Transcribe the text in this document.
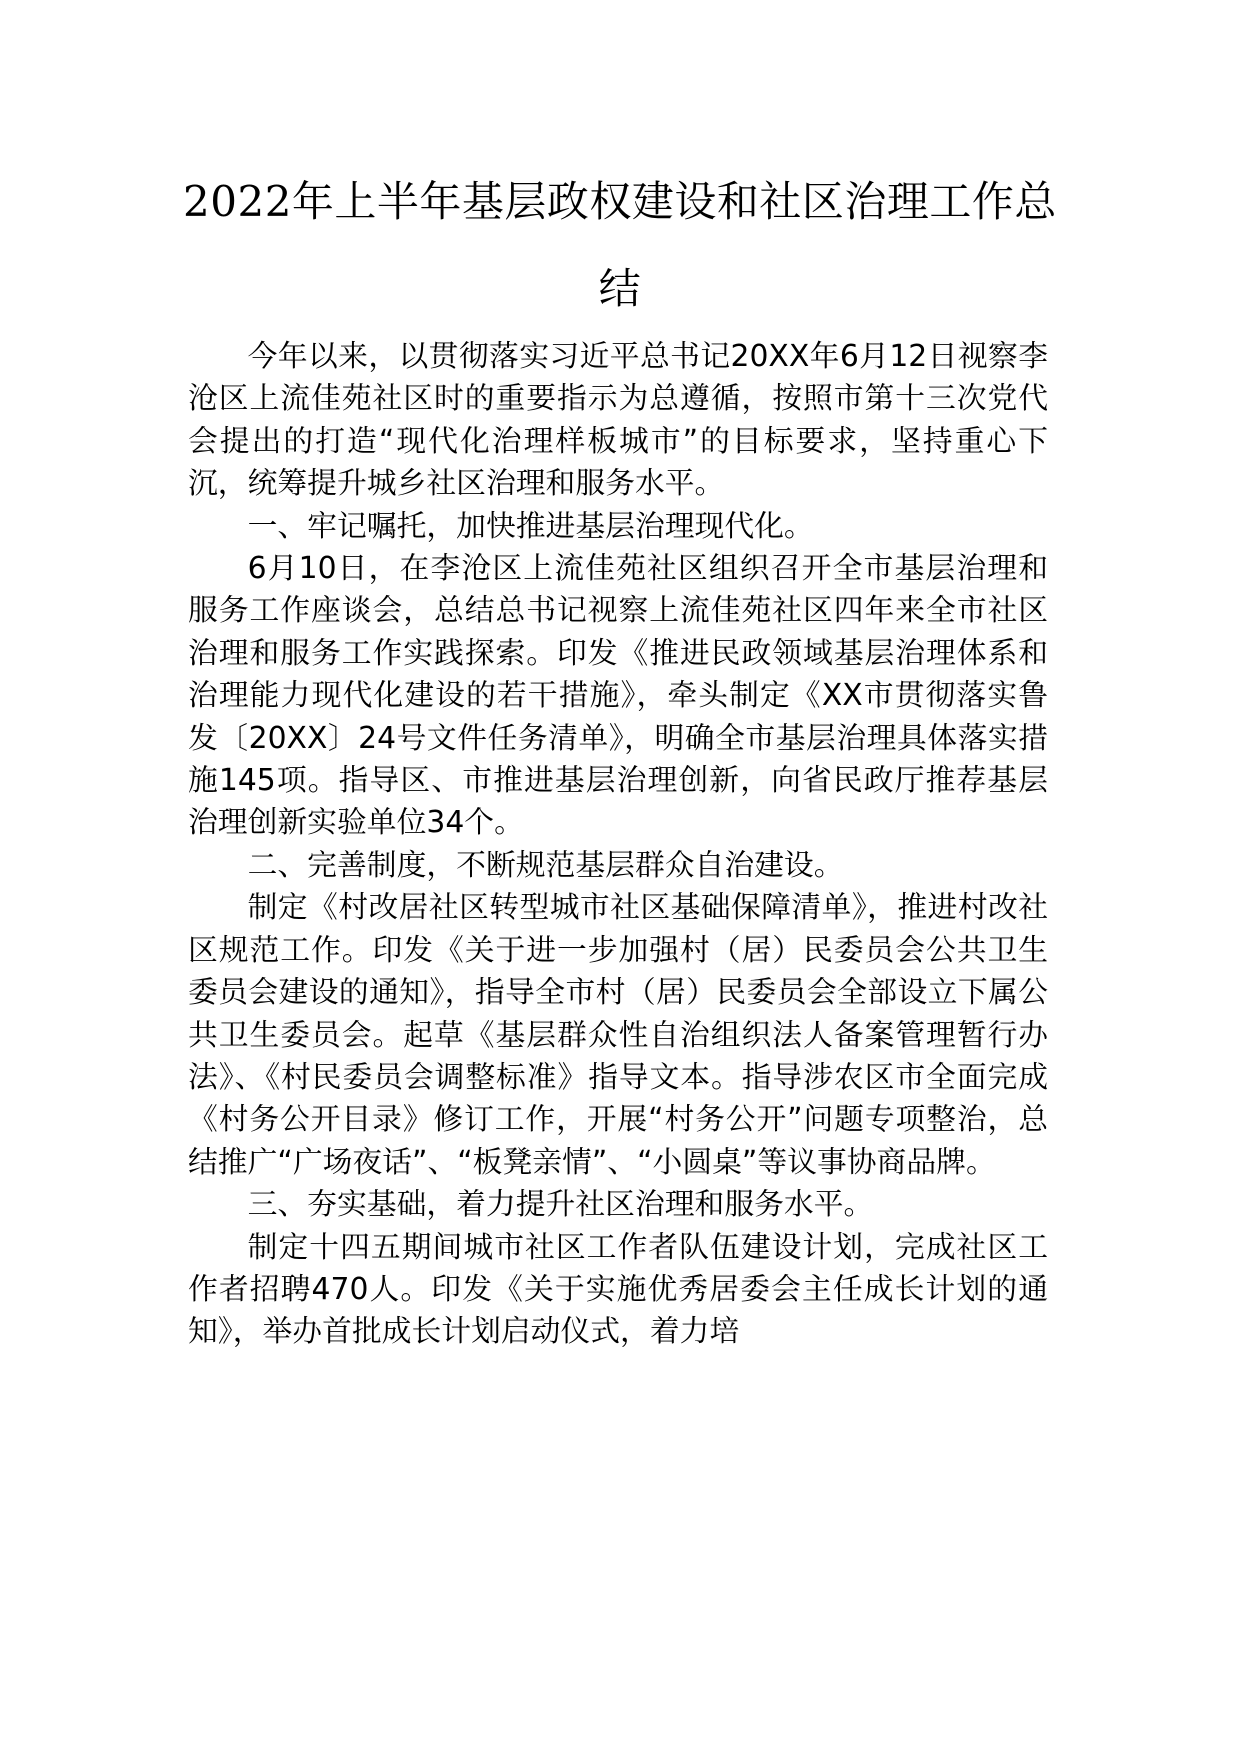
2022年上半年基层政权建设和社区治理工作总结

今年以来，以贯彻落实习近平总书记20XX年6月12日视察李沧区上流佳苑社区时的重要指示为总遵循，按照市第十三次党代会提出的打造“现代化治理样板城市”的目标要求，坚持重心下沉，统筹提升城乡社区治理和服务水平。

一、牢记嘱托，加快推进基层治理现代化。

6月10日，在李沧区上流佳苑社区组织召开全市基层治理和服务工作座谈会，总结总书记视察上流佳苑社区四年来全市社区治理和服务工作实践探索。印发《推进民政领域基层治理体系和治理能力现代化建设的若干措施》，牵头制定《XX市贯彻落实鲁发〔20XX〕24号文件任务清单》，明确全市基层治理具体落实措施145项。指导区、市推进基层治理创新，向省民政厅推荐基层治理创新实验单位34个。

二、完善制度，不断规范基层群众自治建设。

制定《村改居社区转型城市社区基础保障清单》，推进村改社区规范工作。印发《关于进一步加强村（居）民委员会公共卫生委员会建设的通知》，指导全市村（居）民委员会全部设立下属公共卫生委员会。起草《基层群众性自治组织法人备案管理暂行办法》、《村民委员会调整标准》指导文本。指导涉农区市全面完成《村务公开目录》修订工作，开展“村务公开”问题专项整治，总结推广“广场夜话”、“板凳亲情”、“小圆桌”等议事协商品牌。

三、夯实基础，着力提升社区治理和服务水平。

制定十四五期间城市社区工作者队伍建设计划，完成社区工作者招聘470人。印发《关于实施优秀居委会主任成长计划的通知》，举办首批成长计划启动仪式，着力培
